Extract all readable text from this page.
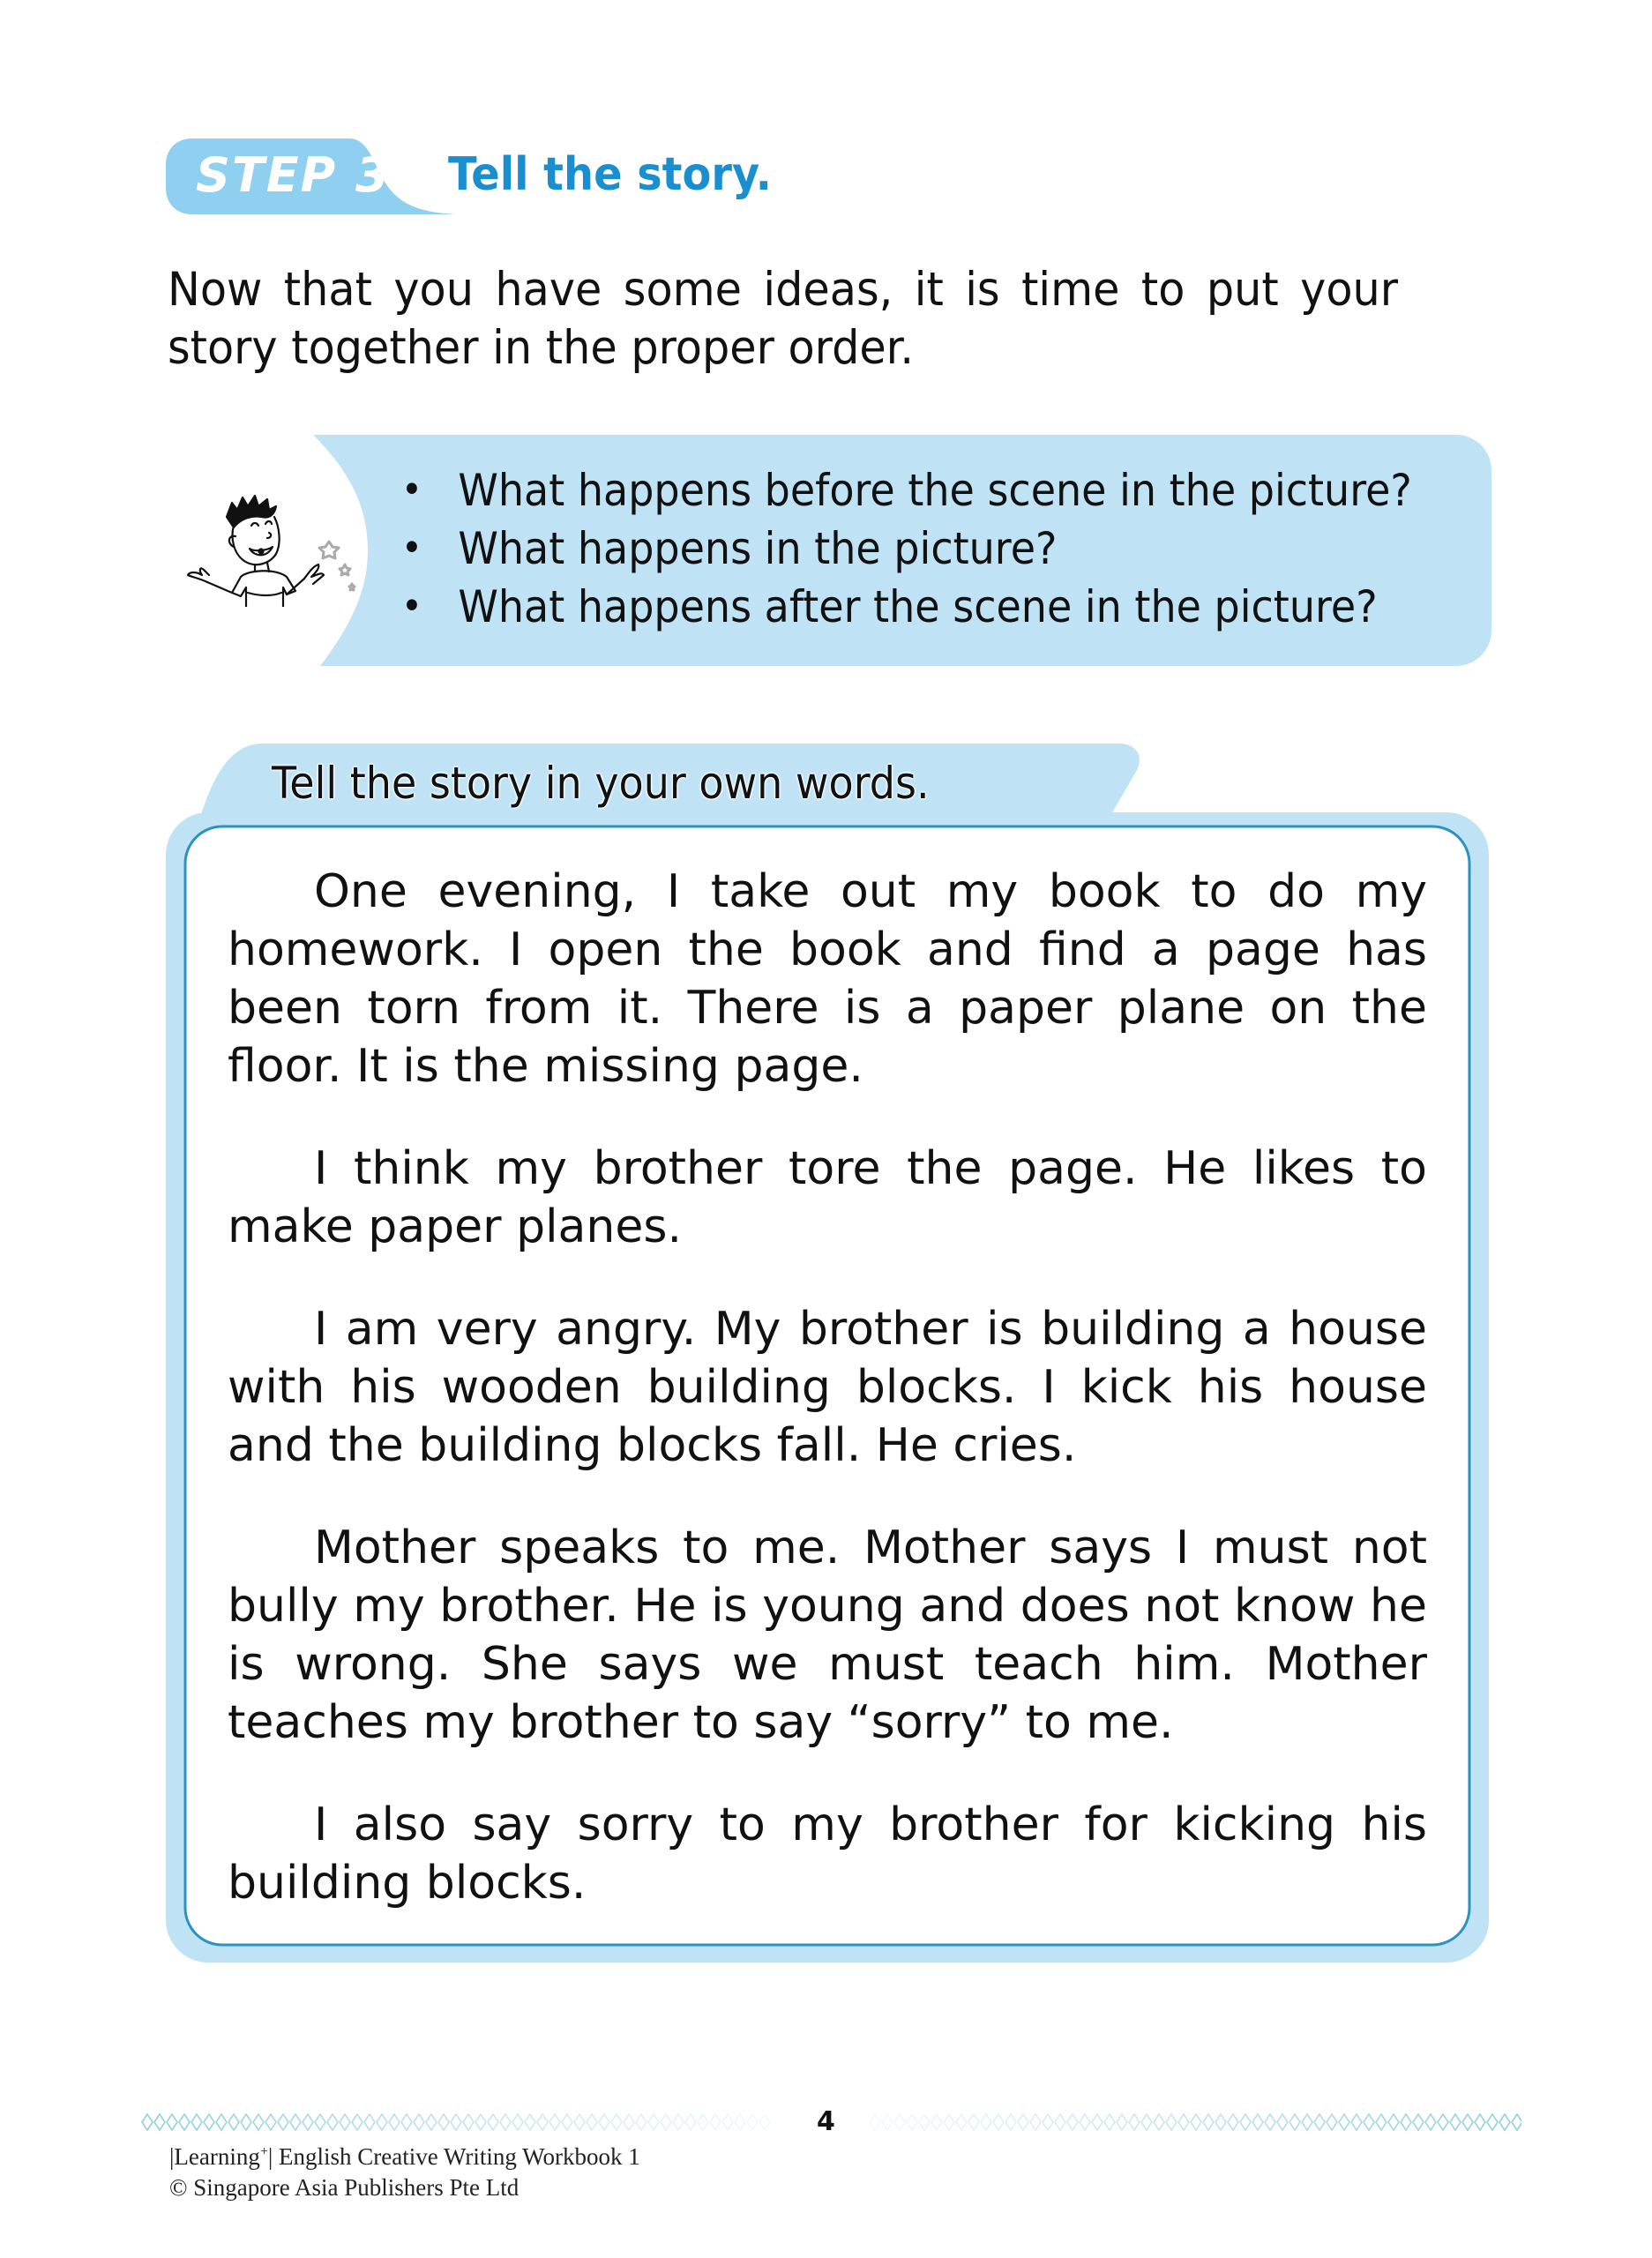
STEP 3 Tell the story.
Now that you have some ideas, it is time to put your story together in the proper order.
• What happens before the scene in the picture?
• What happens in the picture?
• What happens after the scene in the picture?
Tell the story in your own words.

One evening, I take out my book to do my homework. I open the book and find a page has been torn from it. There is a paper plane on the floor. It is the missing page.

I think my brother tore the page. He likes to make paper planes.

I am very angry. My brother is building a house with his wooden building blocks. I kick his house and the building blocks fall. He cries.

Mother speaks to me. Mother says I must not bully my brother. He is young and does not know he is wrong. She says we must teach him. Mother teaches my brother to say “sorry” to me.

I also say sorry to my brother for kicking his building blocks.

4
|Learning+| English Creative Writing Workbook 1
© Singapore Asia Publishers Pte Ltd
